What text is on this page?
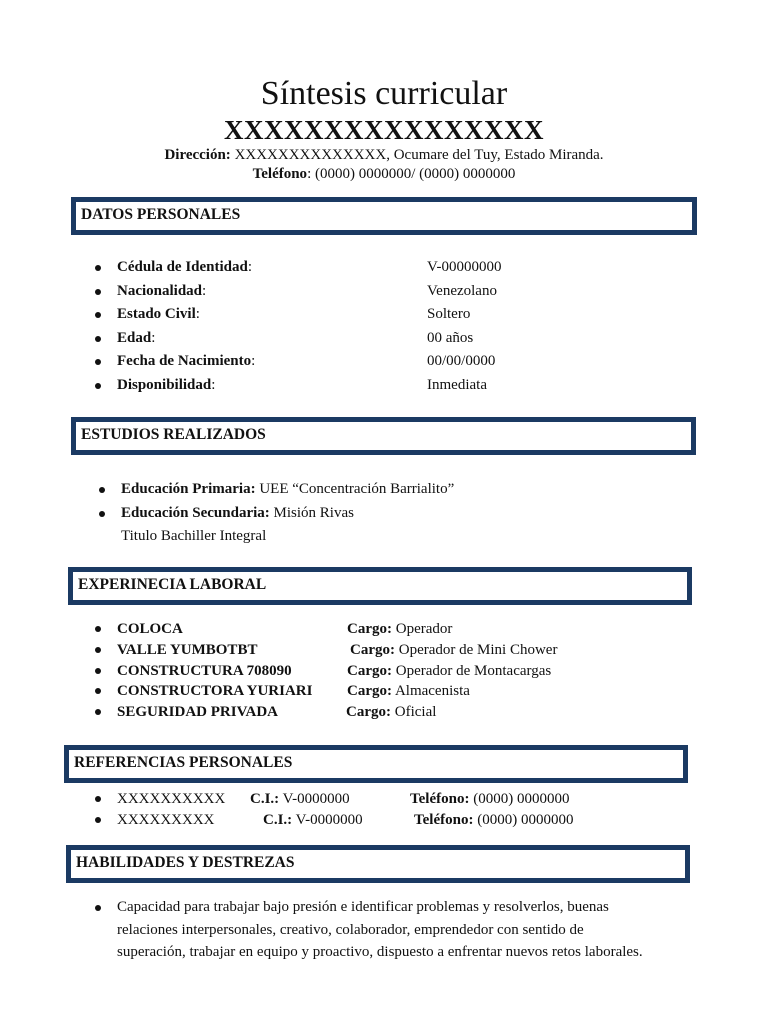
Síntesis curricular
XXXXXXXXXXXXXXXX
Dirección: XXXXXXXXXXXXXX, Ocumare del Tuy, Estado Miranda.
Teléfono: (0000) 0000000/ (0000) 0000000
DATOS PERSONALES
Cédula de Identidad:	V-00000000
Nacionalidad:	Venezolano
Estado Civil:	Soltero
Edad:	00 años
Fecha de Nacimiento:	00/00/0000
Disponibilidad:	Inmediata
ESTUDIOS REALIZADOS
Educación Primaria: UEE “Concentración Barrialito”
Educación Secundaria: Misión Rivas
Titulo Bachiller Integral
EXPERINECIA LABORAL
COLOCA	Cargo: Operador
VALLE YUMBOTBT	Cargo: Operador de Mini Chower
CONSTRUCTURA 708090	Cargo: Operador de Montacargas
CONSTRUCTORA YURIARI Cargo: Almacenista
SEGURIDAD PRIVADA	Cargo: Oficial
REFERENCIAS PERSONALES
XXXXXXXXXX C.I.: V-0000000	Teléfono: (0000) 0000000
XXXXXXXXX	C.I.: V-0000000	Teléfono: (0000) 0000000
HABILIDADES Y DESTREZAS
Capacidad para trabajar bajo presión e identificar problemas y resolverlos, buenas
relaciones interpersonales, creativo, colaborador, emprendedor con sentido de
superación, trabajar en equipo y proactivo, dispuesto a enfrentar nuevos retos laborales.
